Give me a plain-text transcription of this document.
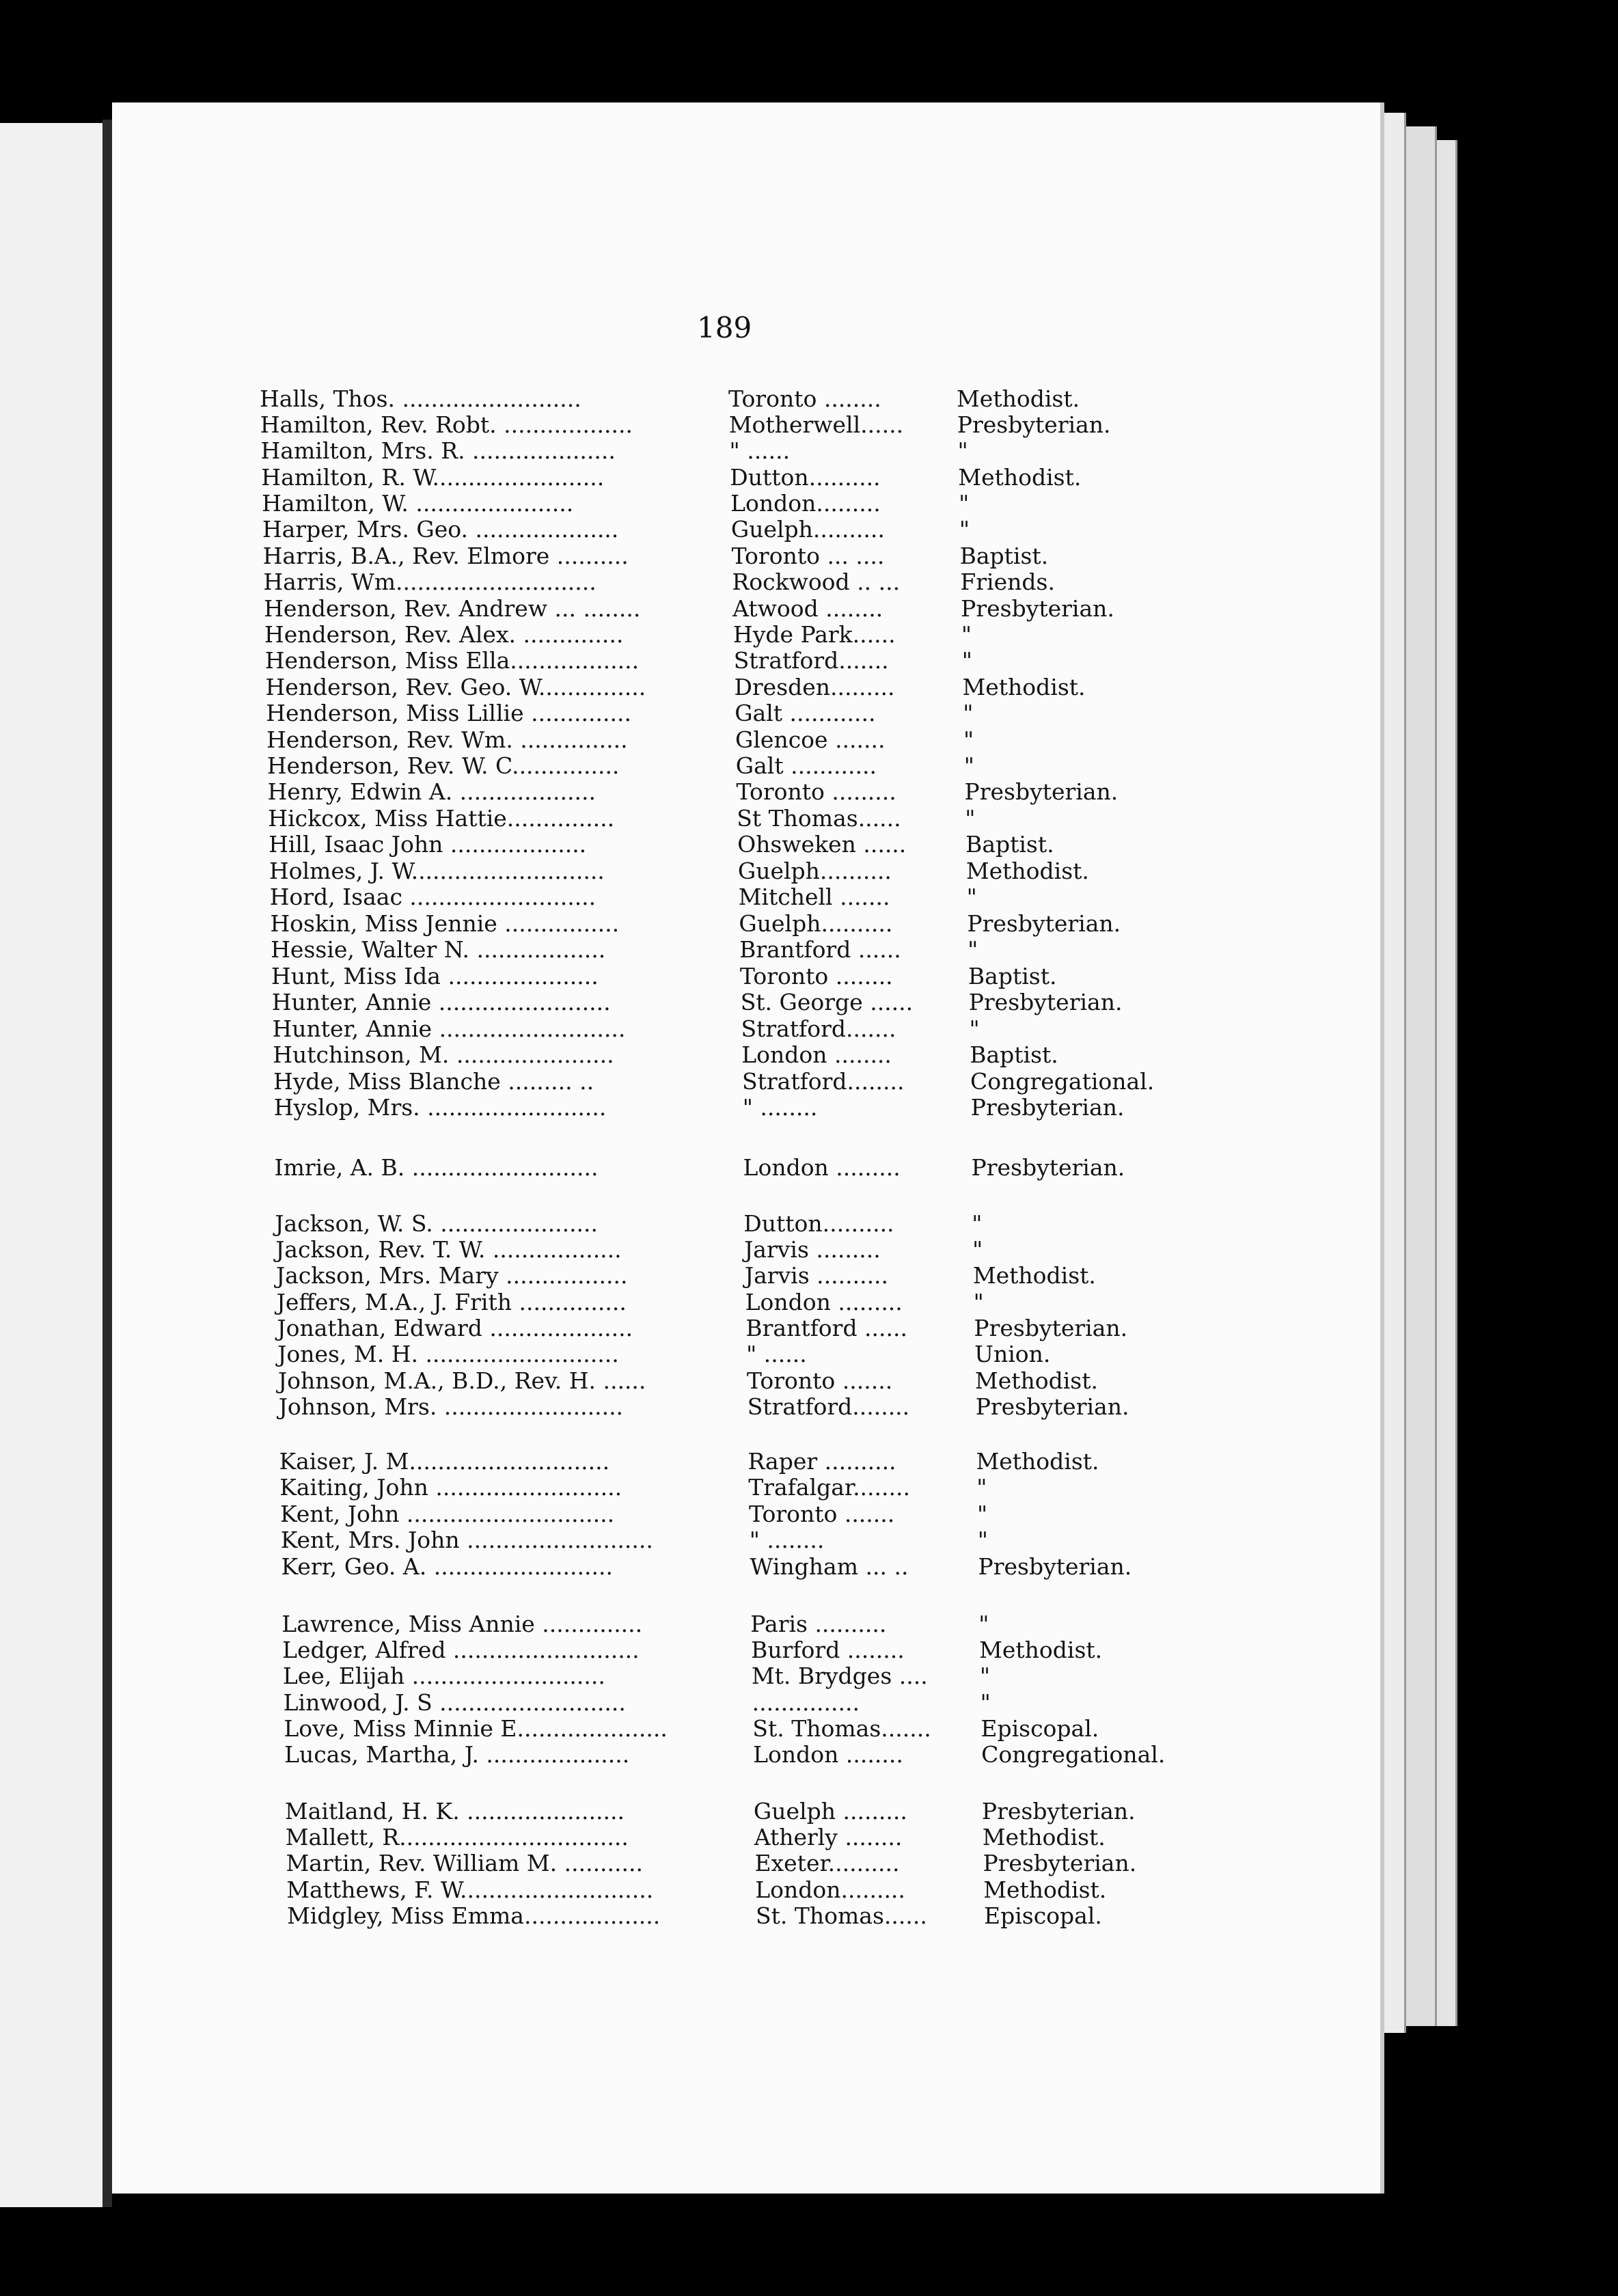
189
Halls, Thos. .........................	Toronto ........	Methodist.
Hamilton, Rev. Robt. ..................	Motherwell...... Presbyterian.
Hamilton, Mrs. R. ....................	" ......	"
Hamilton, R. W........................	Dutton..........	Methodist.
Hamilton, W. ......................	London.........	"
Harper, Mrs. Geo. ....................	Guelph..........	"
Harris, B.A., Rev. Elmore ..........	Toronto ... ....	Baptist.
Harris, Wm............................	Rockwood .. ...	Friends.
Henderson, Rev. Andrew ... ........	Atwood ........	Presbyterian.
Henderson, Rev. Alex. ..............	Hyde Park......	"
Henderson, Miss Ella..................	Stratford.......	"
Henderson, Rev. Geo. W...............	Dresden.........	Methodist.
Henderson, Miss Lillie ..............	Galt ............	"
Henderson, Rev. Wm. ...............	Glencoe .......	"
Henderson, Rev. W. C...............	Galt ............	"
Henry, Edwin A. ...................	Toronto .........	Presbyterian.
Hickcox, Miss Hattie...............	St Thomas......	"
Hill, Isaac John ...................	Ohsweken ......	Baptist.
Holmes, J. W...........................	Guelph..........	Methodist.
Hord, Isaac ..........................	Mitchell .......	"
Hoskin, Miss Jennie ................	Guelph..........	Presbyterian.
Hessie, Walter N. ..................	Brantford ......	"
Hunt, Miss Ida .....................	Toronto ........	Baptist.
Hunter, Annie ........................	St. George ...... Presbyterian.
Hunter, Annie ..........................	Stratford.......	"
Hutchinson, M. ......................	London ........	Baptist.
Hyde, Miss Blanche ......... ..	Stratford........	Congregational.
Hyslop, Mrs. .........................	" ........	Presbyterian.
Imrie, A. B. ..........................	London .........	Presbyterian.
Jackson, W. S. ......................	Dutton..........	"
Jackson, Rev. T. W. ..................	Jarvis .........	"
Jackson, Mrs. Mary .................	Jarvis ..........	Methodist.
Jeffers, M.A., J. Frith ...............	London .........	"
Jonathan, Edward ....................	Brantford ......	Presbyterian.
Jones, M. H. ...........................	" ......	Union.
Johnson, M.A., B.D., Rev. H. ......	Toronto .......	Methodist.
Johnson, Mrs. .........................	Stratford........	Presbyterian.
Kaiser, J. M............................	Raper ..........	Methodist.
Kaiting, John ..........................	Trafalgar........	"
Kent, John .............................	Toronto .......	"
Kent, Mrs. John ..........................	" ........	"
Kerr, Geo. A. .........................	Wingham ... ..	Presbyterian.
Lawrence, Miss Annie ..............	Paris ..........	"
Ledger, Alfred ..........................	Burford ........	Methodist.
Lee, Elijah ...........................	Mt. Brydges .... "
Linwood, J. S ..........................	...............	"
Love, Miss Minnie E.....................	St. Thomas....... Episcopal.
Lucas, Martha, J. ....................	London ........	Congregational.
Maitland, H. K. ......................	Guelph .........	Presbyterian.
Mallett, R................................	Atherly ........	Methodist.
Martin, Rev. William M. ...........	Exeter..........	Presbyterian.
Matthews, F. W...........................	London.........	Methodist.
Midgley, Miss Emma...................	St. Thomas......	Episcopal.
